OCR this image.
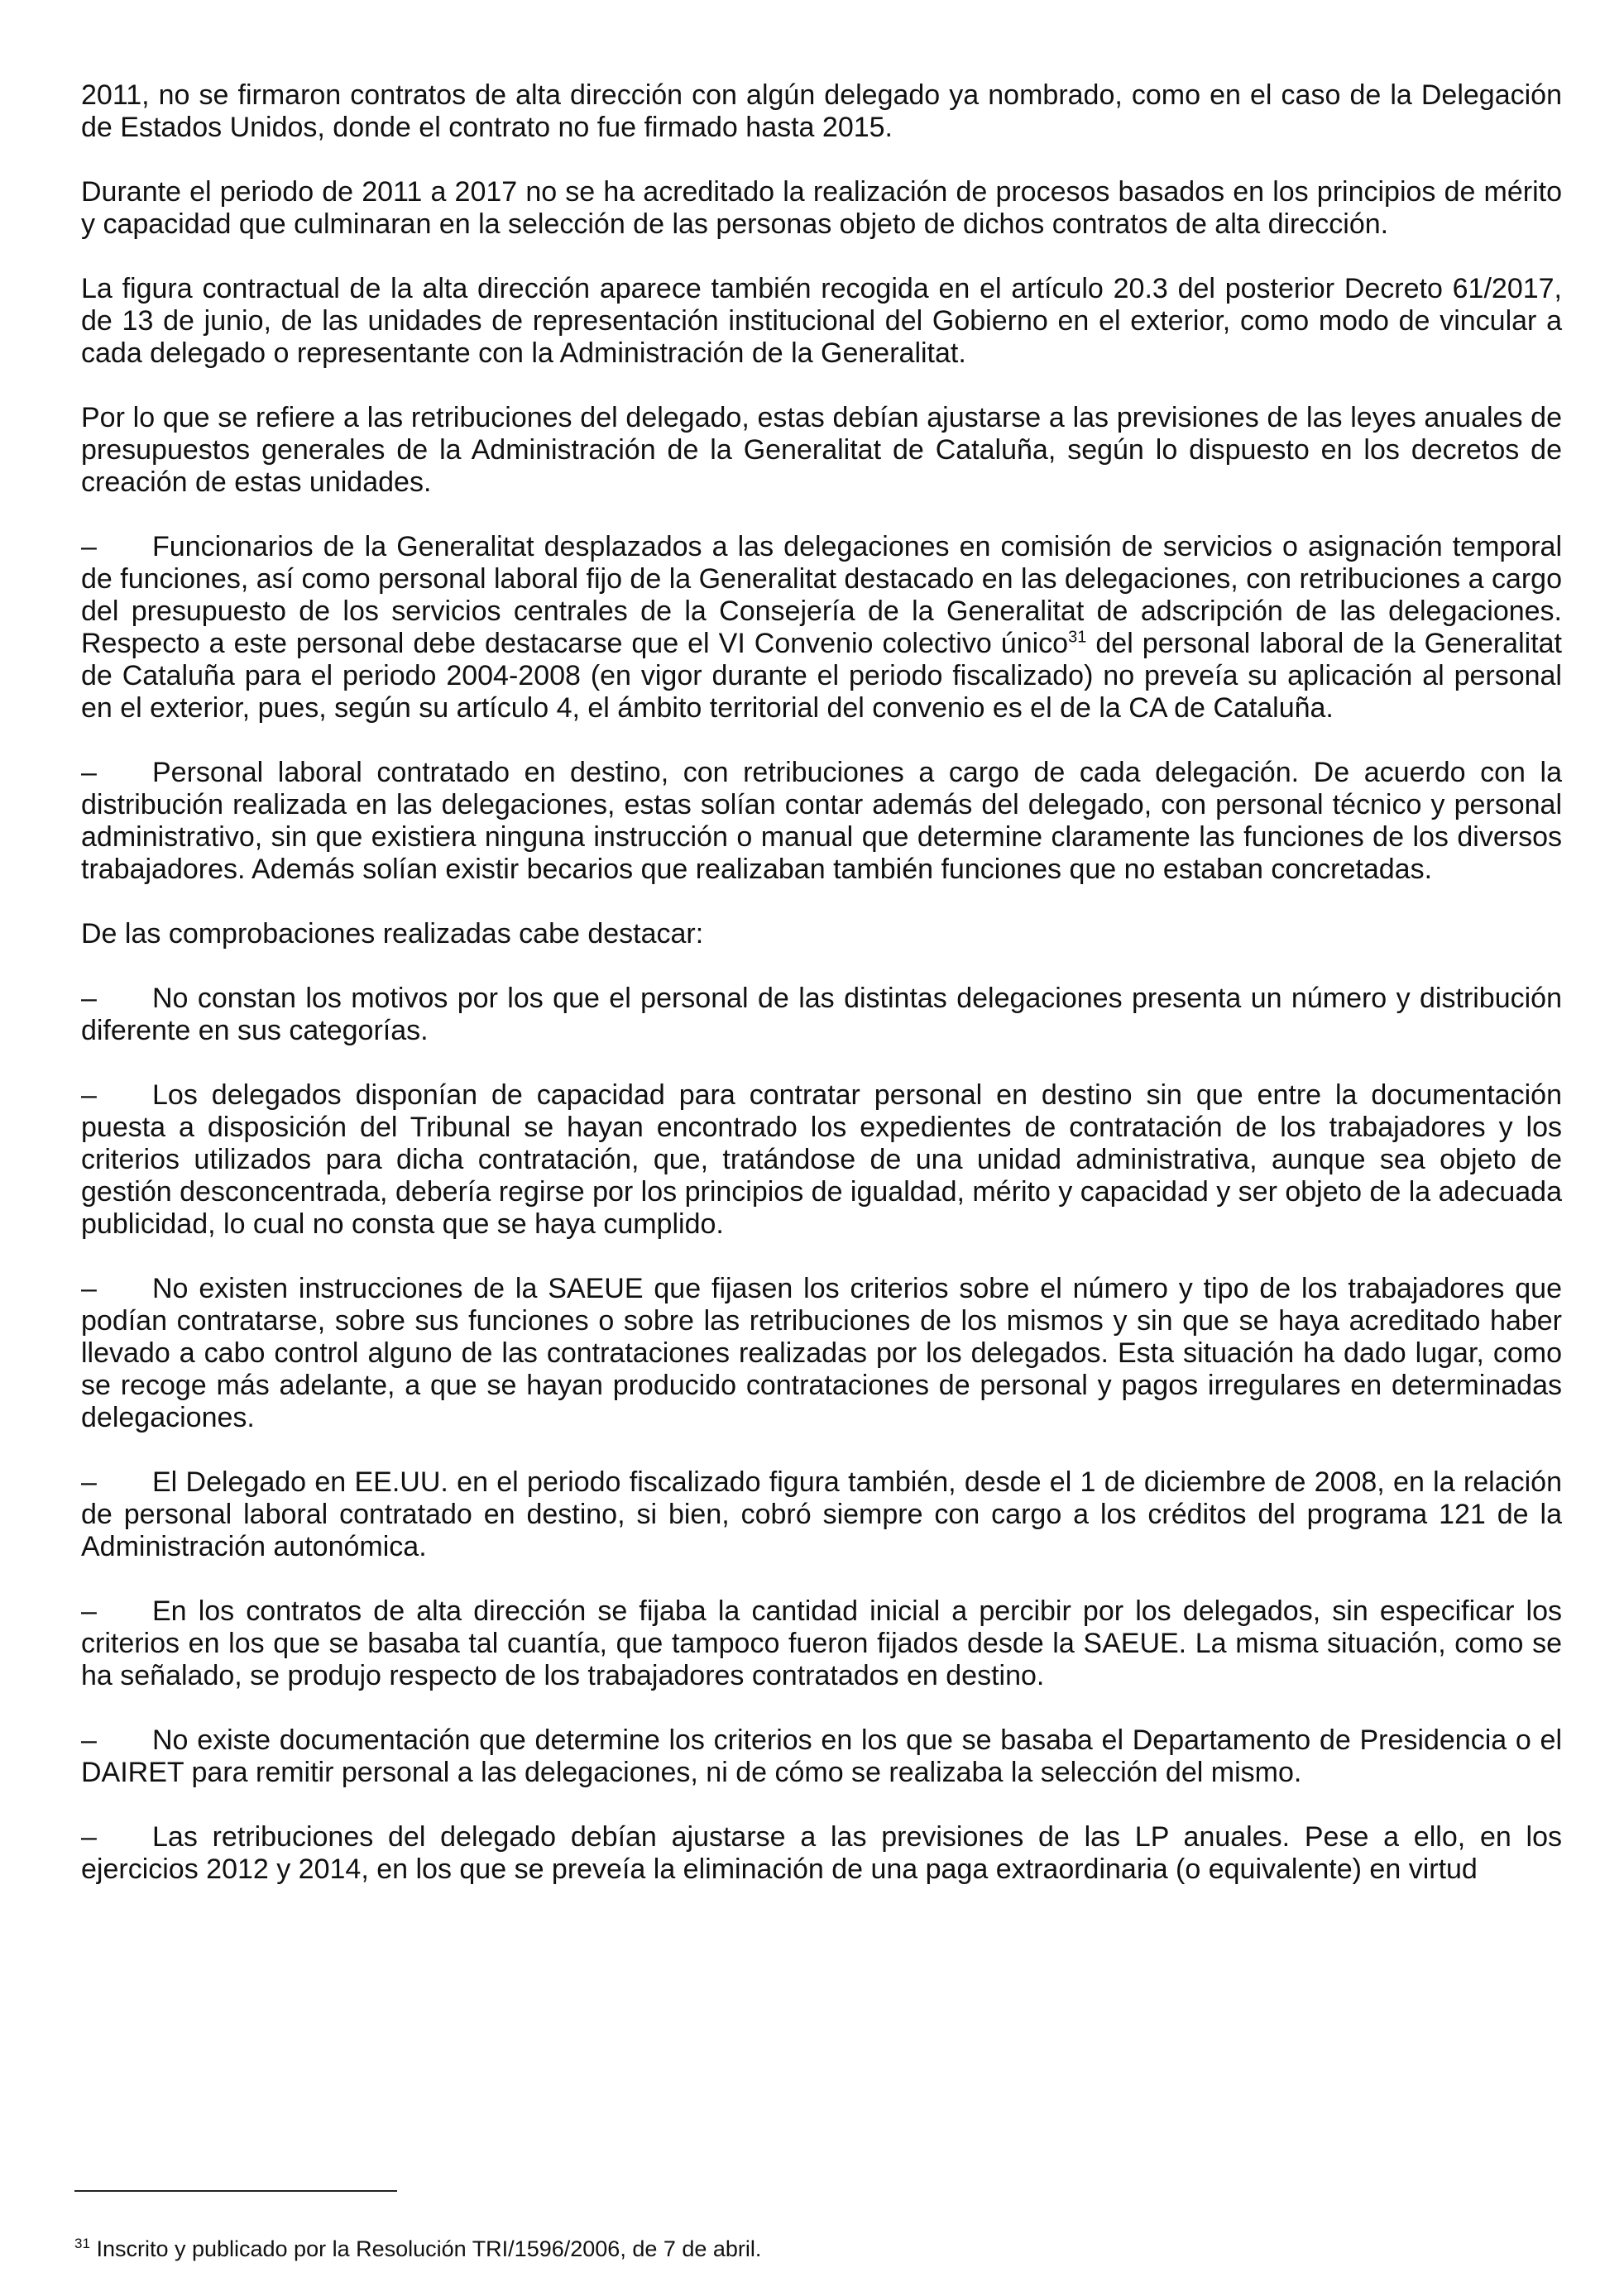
2011, no se firmaron contratos de alta dirección con algún delegado ya nombrado, como en el caso de la Delegación de Estados Unidos, donde el contrato no fue firmado hasta 2015.

Durante el periodo de 2011 a 2017 no se ha acreditado la realización de procesos basados en los principios de mérito y capacidad que culminaran en la selección de las personas objeto de dichos contratos de alta dirección.

La figura contractual de la alta dirección aparece también recogida en el artículo 20.3 del posterior Decreto 61/2017, de 13 de junio, de las unidades de representación institucional del Gobierno en el exterior, como modo de vincular a cada delegado o representante con la Administración de la Generalitat.

Por lo que se refiere a las retribuciones del delegado, estas debían ajustarse a las previsiones de las leyes anuales de presupuestos generales de la Administración de la Generalitat de Cataluña, según lo dispuesto en los decretos de creación de estas unidades.

– Funcionarios de la Generalitat desplazados a las delegaciones en comisión de servicios o asignación temporal de funciones, así como personal laboral fijo de la Generalitat destacado en las delegaciones, con retribuciones a cargo del presupuesto de los servicios centrales de la Consejería de la Generalitat de adscripción de las delegaciones. Respecto a este personal debe destacarse que el VI Convenio colectivo único$^{31}$ del personal laboral de la Generalitat de Cataluña para el periodo 2004-2008 (en vigor durante el periodo fiscalizado) no preveía su aplicación al personal en el exterior, pues, según su artículo 4, el ámbito territorial del convenio es el de la CA de Cataluña.

– Personal laboral contratado en destino, con retribuciones a cargo de cada delegación. De acuerdo con la distribución realizada en las delegaciones, estas solían contar además del delegado, con personal técnico y personal administrativo, sin que existiera ninguna instrucción o manual que determine claramente las funciones de los diversos trabajadores. Además solían existir becarios que realizaban también funciones que no estaban concretadas.

De las comprobaciones realizadas cabe destacar:

– No constan los motivos por los que el personal de las distintas delegaciones presenta un número y distribución diferente en sus categorías.

– Los delegados disponían de capacidad para contratar personal en destino sin que entre la documentación puesta a disposición del Tribunal se hayan encontrado los expedientes de contratación de los trabajadores y los criterios utilizados para dicha contratación, que, tratándose de una unidad administrativa, aunque sea objeto de gestión desconcentrada, debería regirse por los principios de igualdad, mérito y capacidad y ser objeto de la adecuada publicidad, lo cual no consta que se haya cumplido.

– No existen instrucciones de la SAEUE que fijasen los criterios sobre el número y tipo de los trabajadores que podían contratarse, sobre sus funciones o sobre las retribuciones de los mismos y sin que se haya acreditado haber llevado a cabo control alguno de las contrataciones realizadas por los delegados. Esta situación ha dado lugar, como se recoge más adelante, a que se hayan producido contrataciones de personal y pagos irregulares en determinadas delegaciones.

– El Delegado en EE.UU. en el periodo fiscalizado figura también, desde el 1 de diciembre de 2008, en la relación de personal laboral contratado en destino, si bien, cobró siempre con cargo a los créditos del programa 121 de la Administración autonómica.

– En los contratos de alta dirección se fijaba la cantidad inicial a percibir por los delegados, sin especificar los criterios en los que se basaba tal cuantía, que tampoco fueron fijados desde la SAEUE. La misma situación, como se ha señalado, se produjo respecto de los trabajadores contratados en destino.

– No existe documentación que determine los criterios en los que se basaba el Departamento de Presidencia o el DAIRET para remitir personal a las delegaciones, ni de cómo se realizaba la selección del mismo.

– Las retribuciones del delegado debían ajustarse a las previsiones de las LP anuales. Pese a ello, en los ejercicios 2012 y 2014, en los que se preveía la eliminación de una paga extraordinaria (o equivalente) en virtud

$^{31}$ Inscrito y publicado por la Resolución TRI/1596/2006, de 7 de abril.
